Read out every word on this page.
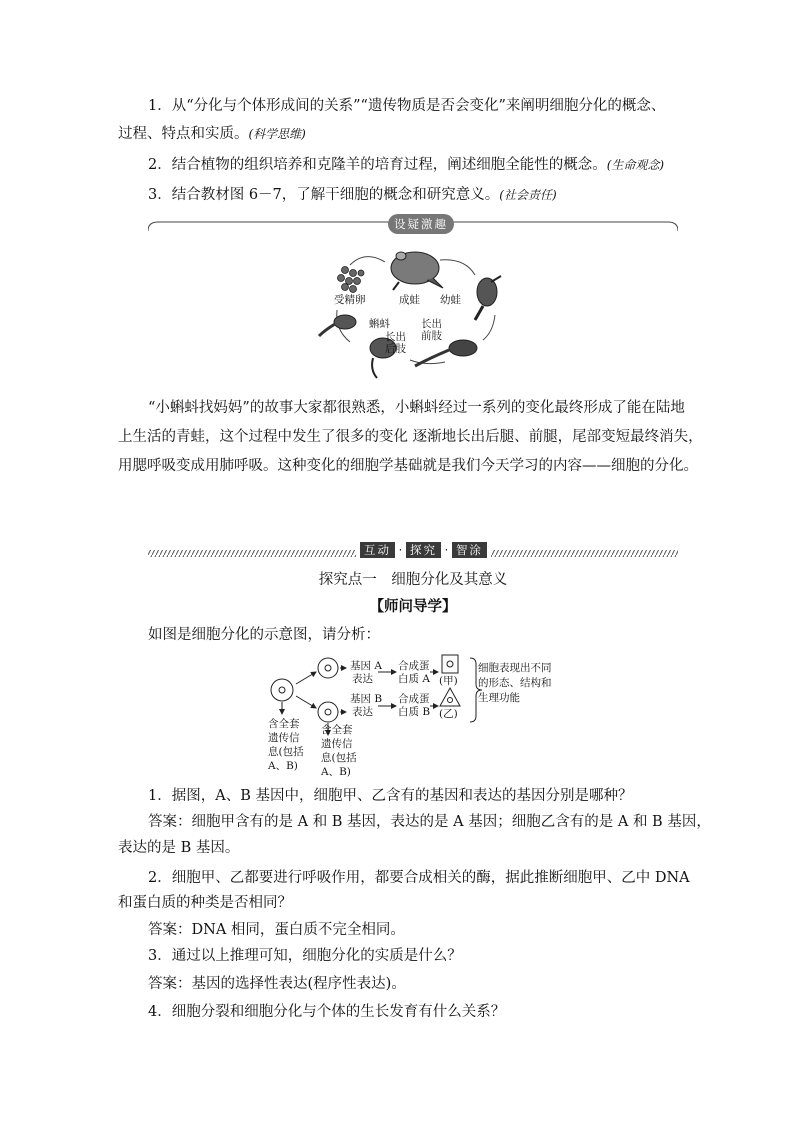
1．从“分化与个体形成间的关系”“遗传物质是否会变化”来阐明细胞分化的概念、
过程、特点和实质。(科学思维)
2．结合植物的组织培养和克隆羊的培育过程，阐述细胞全能性的概念。(生命观念)
3．结合教材图 6－7，了解干细胞的概念和研究意义。(社会责任)
设疑激趣
受精卵	成蛙 幼蛙
蝌蚪
长出
后肢
长出
前肢
“小蝌蚪找妈妈”的故事大家都很熟悉，小蝌蚪经过一系列的变化最终形成了能在陆地
上生活的青蛙，这个过程中发生了很多的变化 逐渐地长出后腿、前腿，尾部变短最终消失，
用腮呼吸变成用肺呼吸。这种变化的细胞学基础就是我们今天学习的内容——细胞的分化。
互动 · 探究 · 智涂
探究点一　细胞分化及其意义
【师问导学】
如图是细胞分化的示意图，请分析：
基因 A
表达
基因 B
表达
合成蛋
白质 A
合成蛋
白质 B
(甲)
(乙)
细胞表现出不同
的形态、结构和
生理功能
含全套
遗传信
息(包括
A、B)
含全套
遗传信
息(包括
A、B)
1．据图，A、B 基因中，细胞甲、乙含有的基因和表达的基因分别是哪种？
答案：细胞甲含有的是 A 和 B 基因，表达的是 A 基因；细胞乙含有的是 A 和 B 基因，
表达的是 B 基因。
2．细胞甲、乙都要进行呼吸作用，都要合成相关的酶，据此推断细胞甲、乙中 DNA
和蛋白质的种类是否相同？
答案：DNA 相同，蛋白质不完全相同。
3．通过以上推理可知，细胞分化的实质是什么？
答案：基因的选择性表达(程序性表达)。
4．细胞分裂和细胞分化与个体的生长发育有什么关系？
